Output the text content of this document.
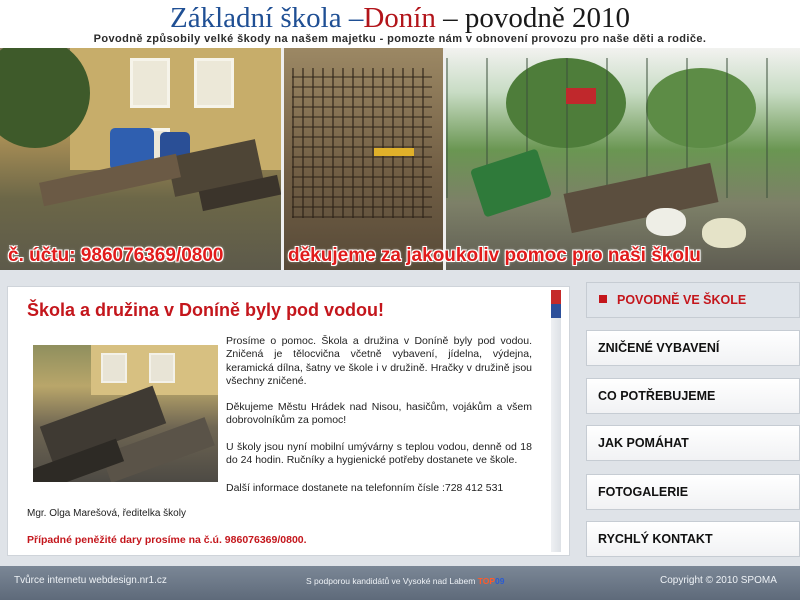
Základní škola –Donín – povodně 2010
Povodně způsobily velké škody na našem majetku - pomozte nám v obnovení provozu pro naše děti a rodiče.
č. účtu: 986076369/0800	děkujeme za jakoukoliv pomoc pro naši školu
Škola a družina v Doníně byly pod vodou!
Prosíme o pomoc. Škola a družina v Doníně byly pod vodou. Zničená je tělocvična včetně vybavení, jídelna, výdejna, keramická dílna, šatny ve škole i v družině. Hračky v družině jsou všechny zničené.
Děkujeme Městu Hrádek nad Nisou, hasičům, vojákům a všem dobrovolníkům za pomoc!
U školy jsou nyní mobilní umývárny s teplou vodou, denně od 18 do 24 hodin. Ručníky a hygienické potřeby dostanete ve škole.
Další informace dostanete na telefonním čísle :728 412 531
Mgr. Olga Marešová, ředitelka školy
Případné peněžité dary prosíme na č.ú. 986076369/0800.
POVODNĚ VE ŠKOLE
ZNIČENÉ VYBAVENÍ
CO POTŘEBUJEME
JAK POMÁHAT
FOTOGALERIE
RYCHLÝ KONTAKT
Tvůrce internetu webdesign.nr1.cz	S podporou kandidátů ve Vysoké nad Labem TOP09	Copyright © 2010 SPOMA
